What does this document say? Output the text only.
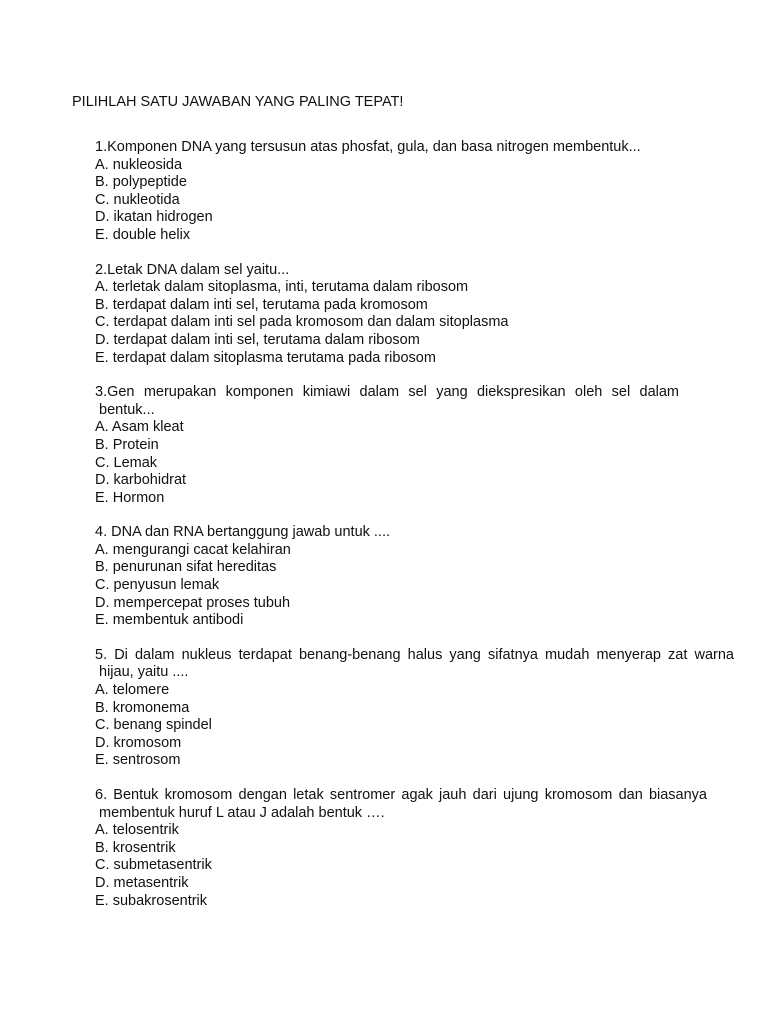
PILIHLAH SATU JAWABAN YANG PALING TEPAT!

1.Komponen DNA yang tersusun atas phosfat, gula, dan basa nitrogen membentuk...

A. nukleosida
B. polypeptide
C. nukleotida
D. ikatan hidrogen
E. double helix

2.Letak DNA dalam sel yaitu...

A. terletak dalam sitoplasma, inti, terutama dalam ribosom
B. terdapat dalam inti sel, terutama pada kromosom
C. terdapat dalam inti sel pada kromosom dan dalam sitoplasma
D. terdapat dalam inti sel, terutama dalam ribosom
E. terdapat dalam sitoplasma terutama pada ribosom

3.Gen merupakan komponen kimiawi dalam sel yang diekspresikan oleh sel dalam
bentuk...

A. Asam kleat
B. Protein
C. Lemak
D. karbohidrat
E. Hormon

4. DNA dan RNA bertanggung jawab untuk ....

A. mengurangi cacat kelahiran
B. penurunan sifat hereditas
C. penyusun lemak
D. mempercepat proses tubuh
E. membentuk antibodi

5. Di dalam nukleus terdapat benang-benang halus yang sifatnya mudah menyerap zat warna
hijau, yaitu ....

A. telomere
B. kromonema
C. benang spindel
D. kromosom
E. sentrosom

6. Bentuk kromosom dengan letak sentromer agak jauh dari ujung kromosom dan biasanya
membentuk huruf L atau J adalah bentuk ….

A. telosentrik
B. krosentrik
C. submetasentrik
D. metasentrik
E. subakrosentrik
